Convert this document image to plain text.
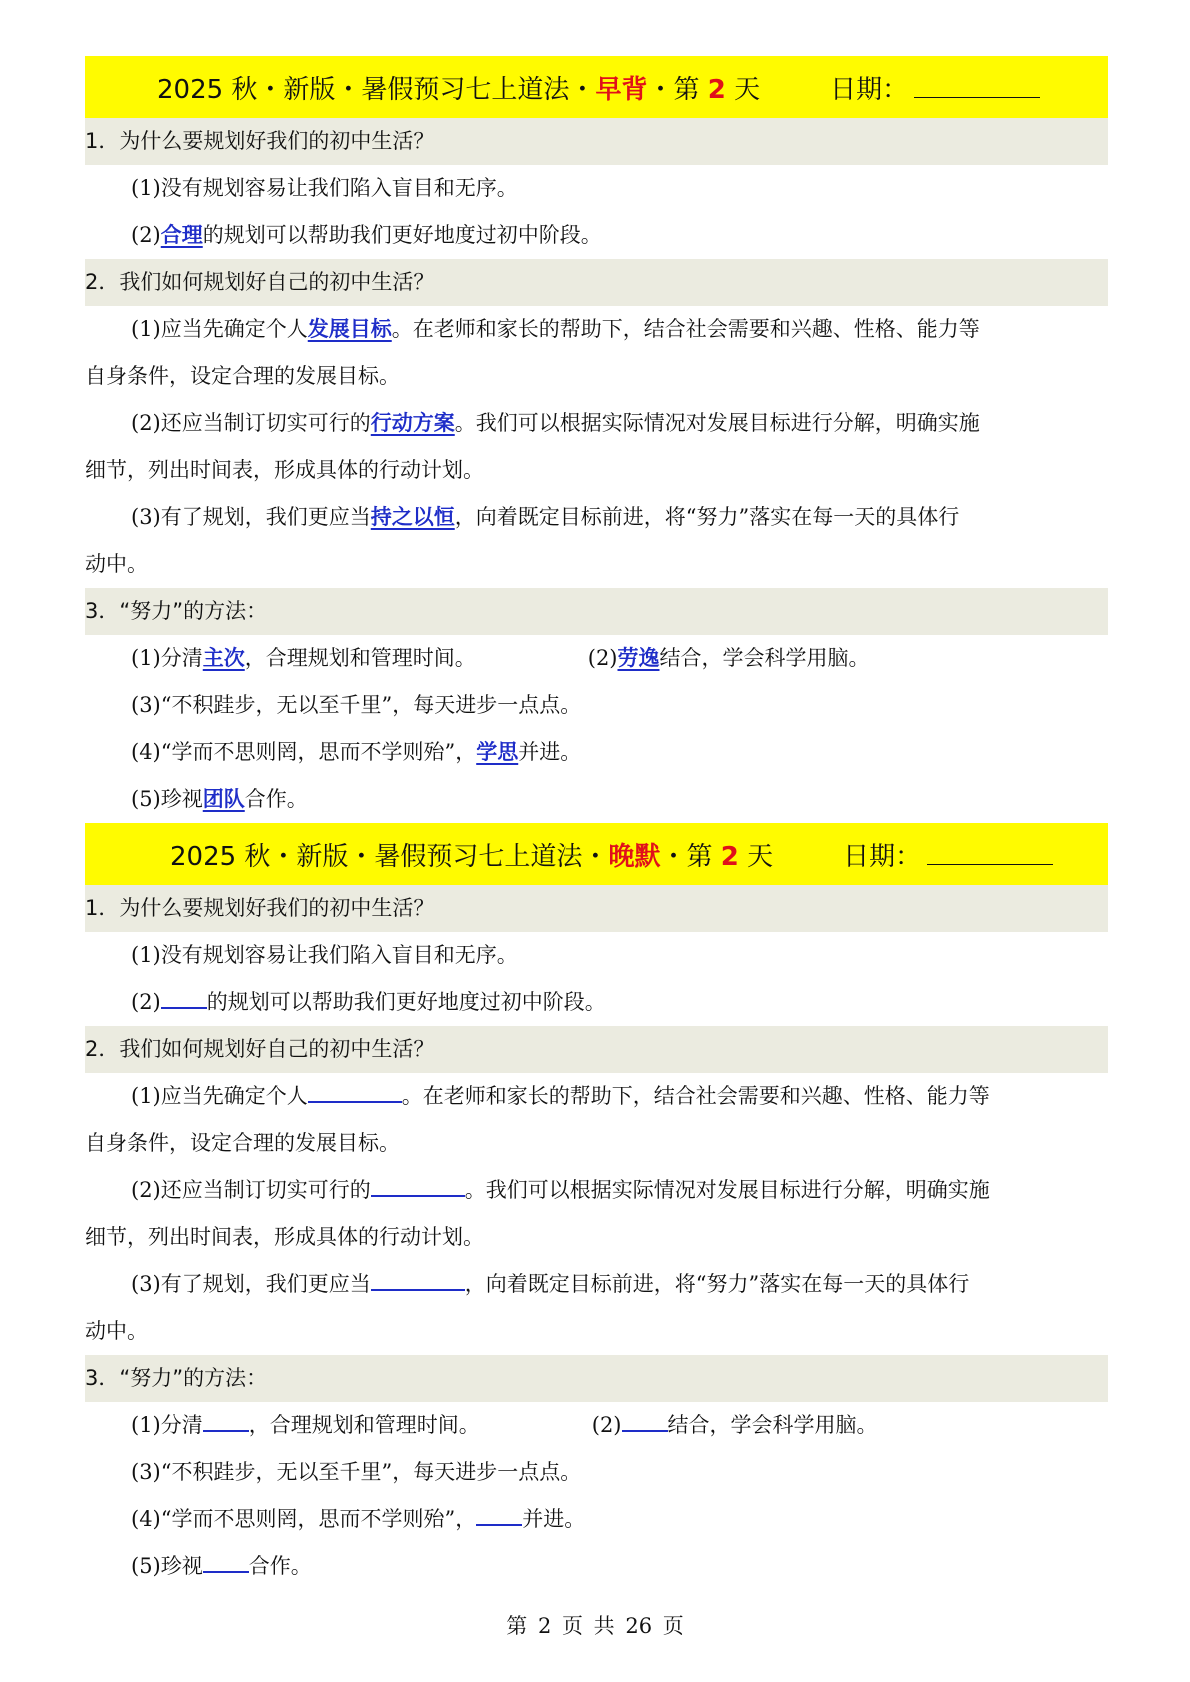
2025 秋・新版・暑假预习七上道法・早背・第 2 天	日期：
1．为什么要规划好我们的初中生活？
(1)没有规划容易让我们陷入盲目和无序。
(2)合理的规划可以帮助我们更好地度过初中阶段。
2．我们如何规划好自己的初中生活？
(1)应当先确定个人发展目标。在老师和家长的帮助下，结合社会需要和兴趣、性格、能力等
自身条件，设定合理的发展目标。
(2)还应当制订切实可行的行动方案。我们可以根据实际情况对发展目标进行分解，明确实施
细节，列出时间表，形成具体的行动计划。
(3)有了规划，我们更应当持之以恒，向着既定目标前进，将“努力”落实在每一天的具体行
动中。
3．“努力”的方法：
(1)分清主次，合理规划和管理时间。	(2)劳逸结合，学会科学用脑。
(3)“不积跬步，无以至千里”，每天进步一点点。
(4)“学而不思则罔，思而不学则殆”，学思并进。
(5)珍视团队合作。
2025 秋・新版・暑假预习七上道法・晚默・第 2 天	日期：
1．为什么要规划好我们的初中生活？
(1)没有规划容易让我们陷入盲目和无序。
(2) 的规划可以帮助我们更好地度过初中阶段。
2．我们如何规划好自己的初中生活？
(1)应当先确定个人	。在老师和家长的帮助下，结合社会需要和兴趣、性格、能力等
自身条件，设定合理的发展目标。
(2)还应当制订切实可行的	。我们可以根据实际情况对发展目标进行分解，明确实施
细节，列出时间表，形成具体的行动计划。
(3)有了规划，我们更应当	，向着既定目标前进，将“努力”落实在每一天的具体行
动中。
3．“努力”的方法：
(1)分清 ，合理规划和管理时间。	(2) 结合，学会科学用脑。
(3)“不积跬步，无以至千里”，每天进步一点点。
(4)“学而不思则罔，思而不学则殆”， 并进。
(5)珍视 合作。
第 2 页 共 26 页
